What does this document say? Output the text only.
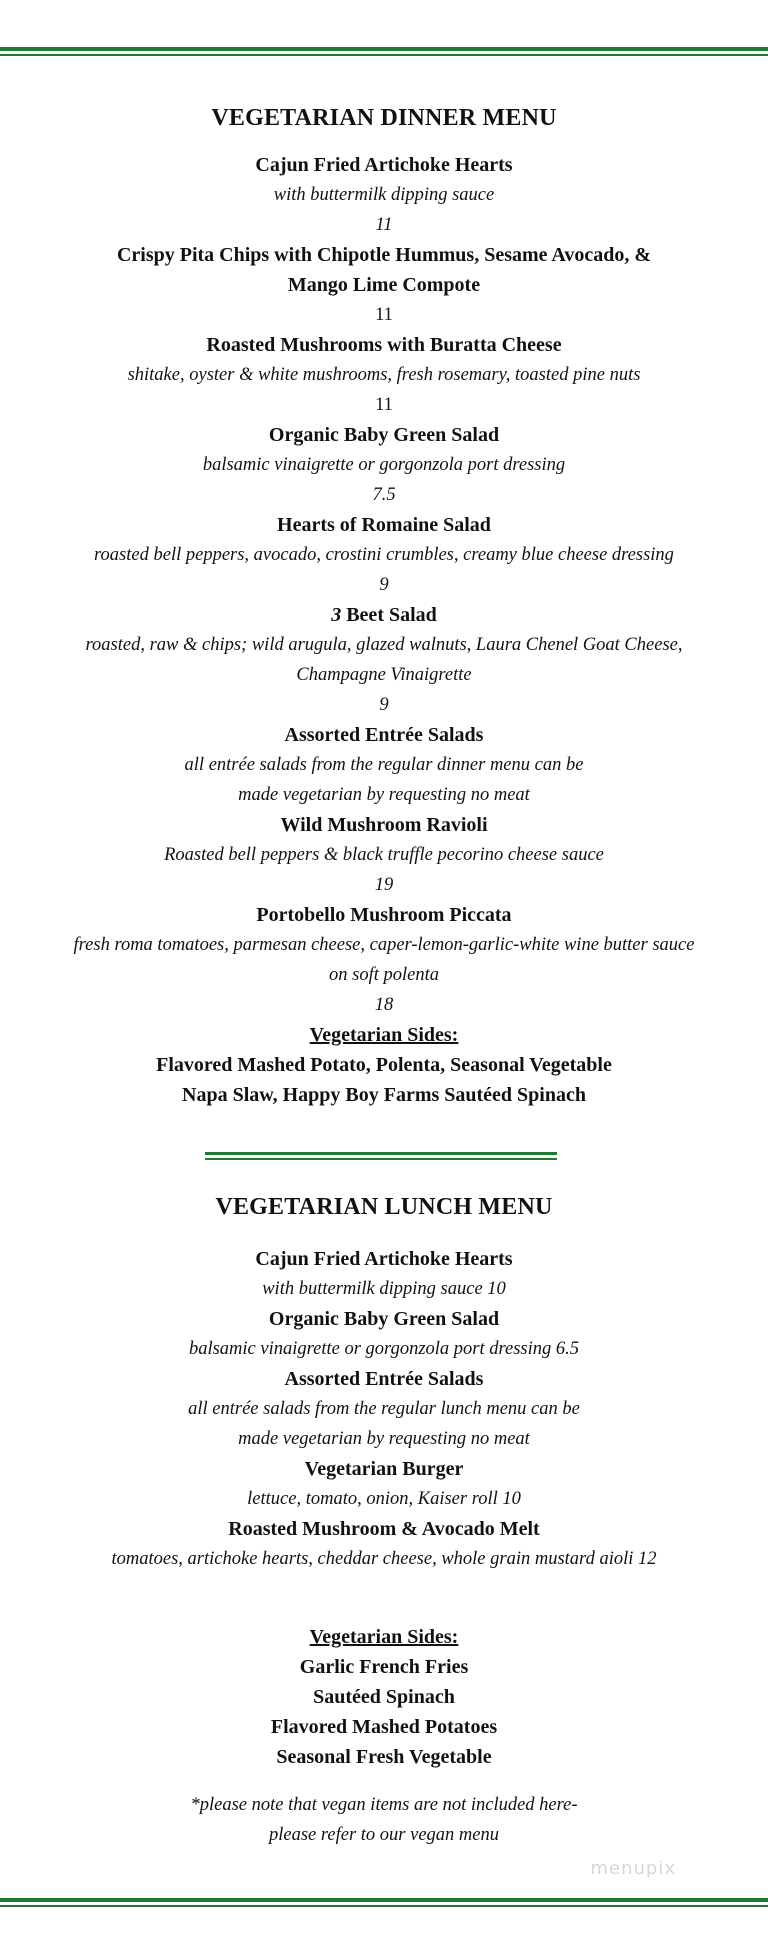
VEGETARIAN DINNER MENU
Cajun Fried Artichoke Hearts
with buttermilk dipping sauce
11
Crispy Pita Chips with Chipotle Hummus, Sesame Avocado, &
Mango Lime Compote
11
Roasted Mushrooms with Buratta Cheese
shitake, oyster & white mushrooms, fresh rosemary, toasted pine nuts
11
Organic Baby Green Salad
balsamic vinaigrette or gorgonzola port dressing
7.5
Hearts of Romaine Salad
roasted bell peppers, avocado, crostini crumbles, creamy blue cheese dressing
9
3 Beet Salad
roasted, raw & chips; wild arugula, glazed walnuts, Laura Chenel Goat Cheese,
Champagne Vinaigrette
9
Assorted Entrée Salads
all entrée salads from the regular dinner menu can be
made vegetarian by requesting no meat
Wild Mushroom Ravioli
Roasted bell peppers & black truffle pecorino cheese sauce
19
Portobello Mushroom Piccata
fresh roma tomatoes, parmesan cheese, caper-lemon-garlic-white wine butter sauce
on soft polenta
18
Vegetarian Sides:
Flavored Mashed Potato, Polenta, Seasonal Vegetable
Napa Slaw, Happy Boy Farms Sautéed Spinach
VEGETARIAN LUNCH MENU
Cajun Fried Artichoke Hearts
with buttermilk dipping sauce 10
Organic Baby Green Salad
balsamic vinaigrette or gorgonzola port dressing 6.5
Assorted Entrée Salads
all entrée salads from the regular lunch menu can be
made vegetarian by requesting no meat
Vegetarian Burger
lettuce, tomato, onion, Kaiser roll 10
Roasted Mushroom & Avocado Melt
tomatoes, artichoke hearts, cheddar cheese, whole grain mustard aioli 12
Vegetarian Sides:
Garlic French Fries
Sautéed Spinach
Flavored Mashed Potatoes
Seasonal Fresh Vegetable
*please note that vegan items are not included here-
please refer to our vegan menu
menupix
